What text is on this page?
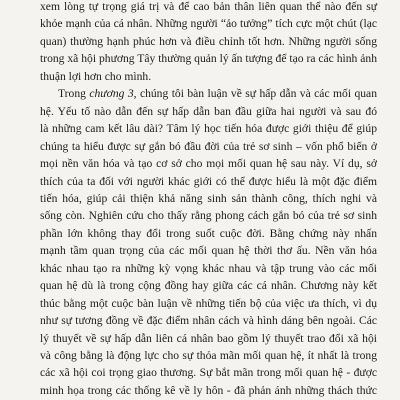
xem lòng tự trọng giá trị và để cao bản thân liên quan thể nào đến sự
khỏe mạnh của cá nhân. Những người “ảo tưởng” tích cực một chút (lạc
quan) thường hạnh phúc hơn và điều chỉnh tốt hơn. Những người sống
trong xã hội phương Tây thường quản lý ấn tượng để tạo ra các hình ảnh
thuận lợi hơn cho mình.
Trong chương 3, chúng tôi bàn luận về sự hấp dẫn và các mối quan
hệ. Yếu tố nào dẫn đến sự hấp dẫn ban đầu giữa hai người và sau đó
là những cam kết lâu dài? Tâm lý học tiến hóa được giới thiệu để giúp
chúng ta hiểu được sự gắn bó đầu đời của trẻ sơ sinh – vốn phổ biến ở
mọi nền văn hóa và tạo cơ sở cho mọi mối quan hệ sau này. Ví dụ, sở
thích của ta đối với người khác giới có thể được hiểu là một đặc điểm
tiến hóa, giúp cải thiện khả năng sinh sản thành công, thích nghi và
sống còn. Nghiên cứu cho thấy rằng phong cách gắn bó của trẻ sơ sinh
phần lớn không thay đổi trong suốt cuộc đời. Bằng chứng này nhấn
mạnh tầm quan trọng của các mối quan hệ thời thơ ấu. Nền văn hóa
khác nhau tạo ra những kỳ vọng khác nhau và tập trung vào các mối
quan hệ dù là trong cộng đồng hay giữa các cá nhân. Chương này kết
thúc bằng một cuộc bàn luận về những tiến bộ của việc ưa thích, vì dụ
như sự tương đồng về đặc điểm nhân cách và hình dáng bên ngoài. Các
lý thuyết về sự hấp dẫn liên cá nhân bao gồm lý thuyết trao đổi xã hội
và công bằng là động lực cho sự thỏa mãn mối quan hệ, ít nhất là trong
các xã hội coi trọng giao thương. Sự bắt mãn trong mối quan hệ - được
minh họa trong các thống kê về ly hôn - đã phản ánh những thách thức
